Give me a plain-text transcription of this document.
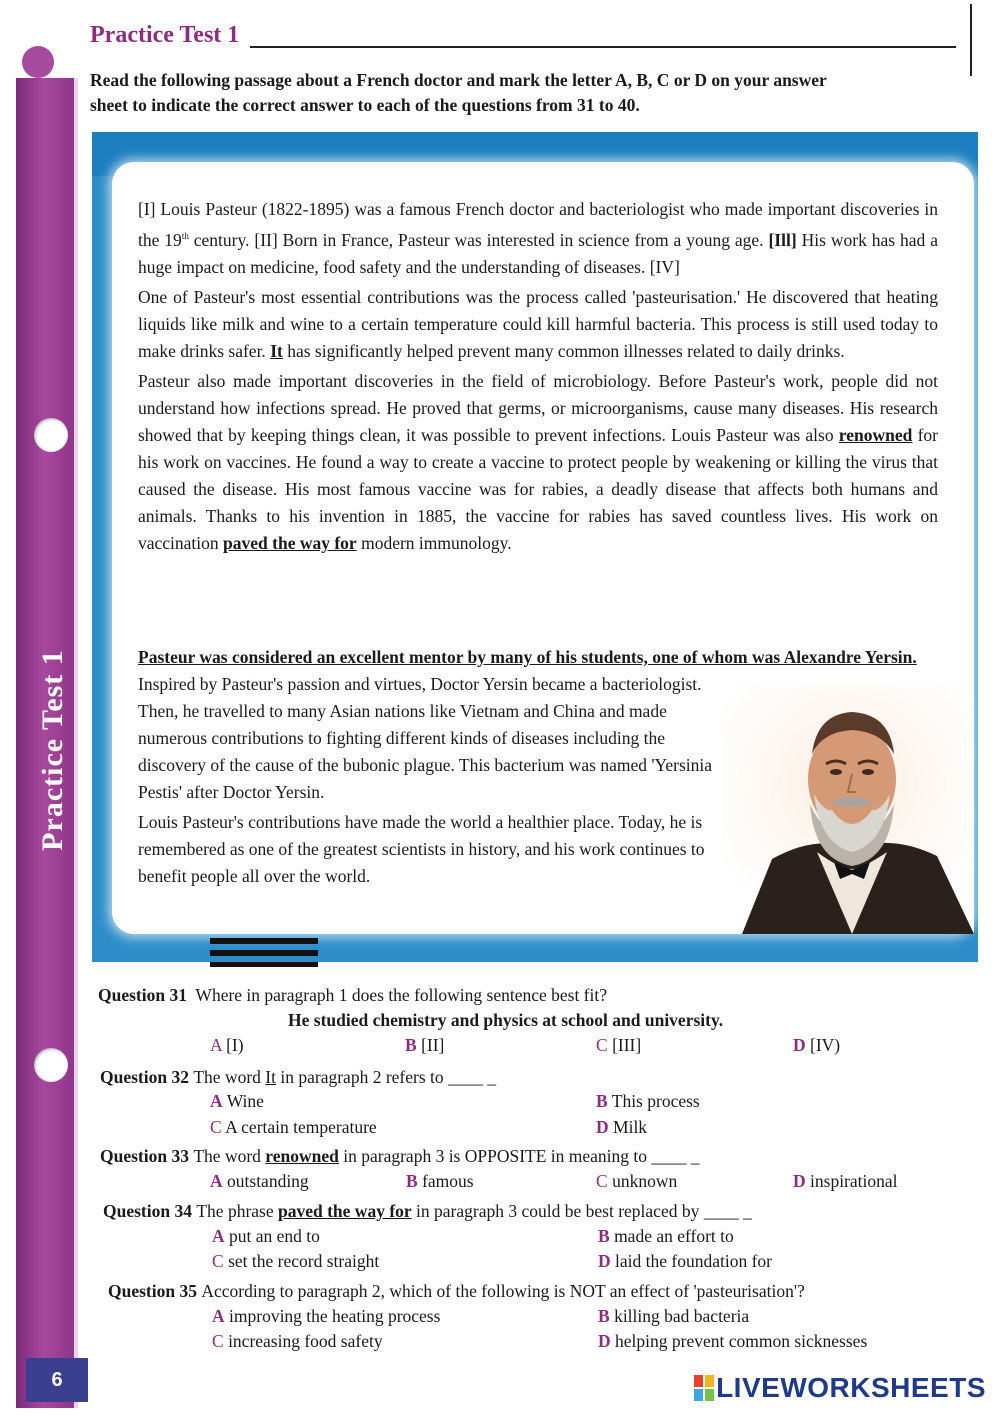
Practice Test 1
6
Practice Test 1
Read the following passage about a French doctor and mark the letter A, B, C or D on your answer sheet to indicate the correct answer to each of the questions from 31 to 40.

[I] Louis Pasteur (1822-1895) was a famous French doctor and bacteriologist who made important discoveries in the 19th century. [II] Born in France, Pasteur was interested in science from a young age. [Ill] His work has had a huge impact on medicine, food safety and the understanding of diseases. [IV]

One of Pasteur's most essential contributions was the process called 'pasteurisation.' He discovered that heating liquids like milk and wine to a certain temperature could kill harmful bacteria. This process is still used today to make drinks safer. It has significantly helped prevent many common illnesses related to daily drinks.

Pasteur also made important discoveries in the field of microbiology. Before Pasteur's work, people did not understand how infections spread. He proved that germs, or microorganisms, cause many diseases. His research showed that by keeping things clean, it was possible to prevent infections. Louis Pasteur was also renowned for his work on vaccines. He found a way to create a vaccine to protect people by weakening or killing the virus that caused the disease. His most famous vaccine was for rabies, a deadly disease that affects both humans and animals. Thanks to his invention in 1885, the vaccine for rabies has saved countless lives. His work on vaccination paved the way for modern immunology.

Pasteur was considered an excellent mentor by many of his students, one of whom was Alexandre Yersin.

Inspired by Pasteur's passion and virtues, Doctor Yersin became a bacteriologist. Then, he travelled to many Asian nations like Vietnam and China and made numerous contributions to fighting different kinds of diseases including the discovery of the cause of the bubonic plague. This bacterium was named 'Yersinia Pestis' after Doctor Yersin.

Louis Pasteur's contributions have made the world a healthier place. Today, he is remembered as one of the greatest scientists in history, and his work continues to benefit people all over the world.

Question 31 Where in paragraph 1 does the following sentence best fit?
He studied chemistry and physics at school and university.
A [I)	B [II]	C [III]	D [IV)
Question 32 The word It in paragraph 2 refers to ____ _
A Wine	B This process
C A certain temperature	D Milk
Question 33 The word renowned in paragraph 3 is OPPOSITE in meaning to ____ _
A outstanding	B famous	C unknown	D inspirational
Question 34 The phrase paved the way for in paragraph 3 could be best replaced by ____ _
A put an end to	B made an effort to
C set the record straight	D laid the foundation for
Question 35 According to paragraph 2, which of the following is NOT an effect of 'pasteurisation'?
A improving the heating process	B killing bad bacteria
C increasing food safety	D helping prevent common sicknesses
LIVEWORKSHEETS
